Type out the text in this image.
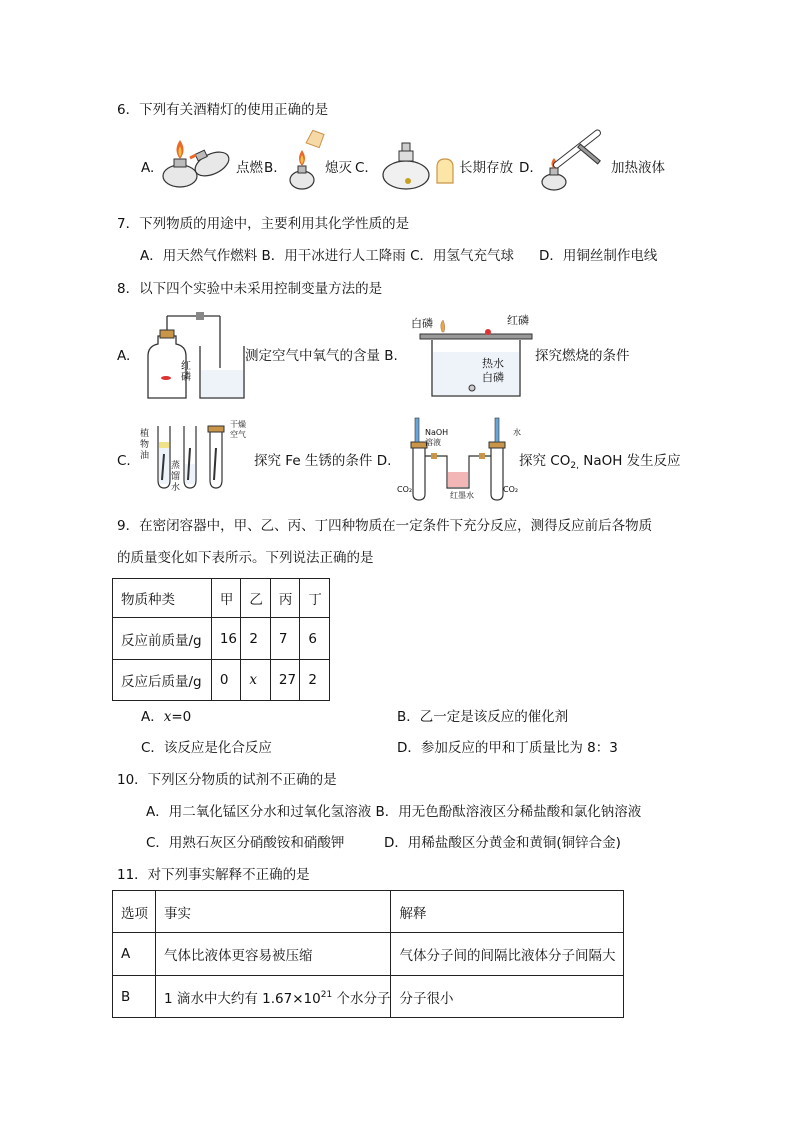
6．下列有关酒精灯的使用正确的是
A.	点燃 B.	熄灭 C.	长期存放 D.	加热液体
7．下列物质的用途中，主要利用其化学性质的是
A．用天然气作燃料 B．用干冰进行人工降雨 C．用氢气充气球 D．用铜丝制作电线
8．以下四个实验中未采用控制变量方法的是
A.
红
磷
测定空气中氧气的含量 B.
白磷	红磷
热水
白磷
探究燃烧的条件
C.
植
物
油
蒸
馏
水
干燥
空气
探究 Fe 生锈的条件 D.
NaOH
溶液
水
CO₂	CO₂
红墨水
探究 $CO_{2,}$ NaOH 发生反应
9．在密闭容器中，甲、乙、丙、丁四种物质在一定条件下充分反应，测得反应前后各物质
的质量变化如下表所示。下列说法正确的是
物质种类	甲	乙	丙	丁
反应前质量/g	16	2	7	6
反应后质量/g	0	x	27	2
A．x=0	B．乙一定是该反应的催化剂
C．该反应是化合反应	D．参加反应的甲和丁质量比为 8：3
10．下列区分物质的试剂不正确的是
A．用二氧化锰区分水和过氧化氢溶液 B．用无色酚酞溶液区分稀盐酸和氯化钠溶液
C．用熟石灰区分硝酸铵和硝酸钾	D．用稀盐酸区分黄金和黄铜(铜锌合金)
11．对下列事实解释不正确的是
选项	事实	解释
A	气体比液体更容易被压缩	气体分子间的间隔比液体分子间隔大
B	1 滴水中大约有 $1.67\times 10^{21}$ 个水分子	分子很小
